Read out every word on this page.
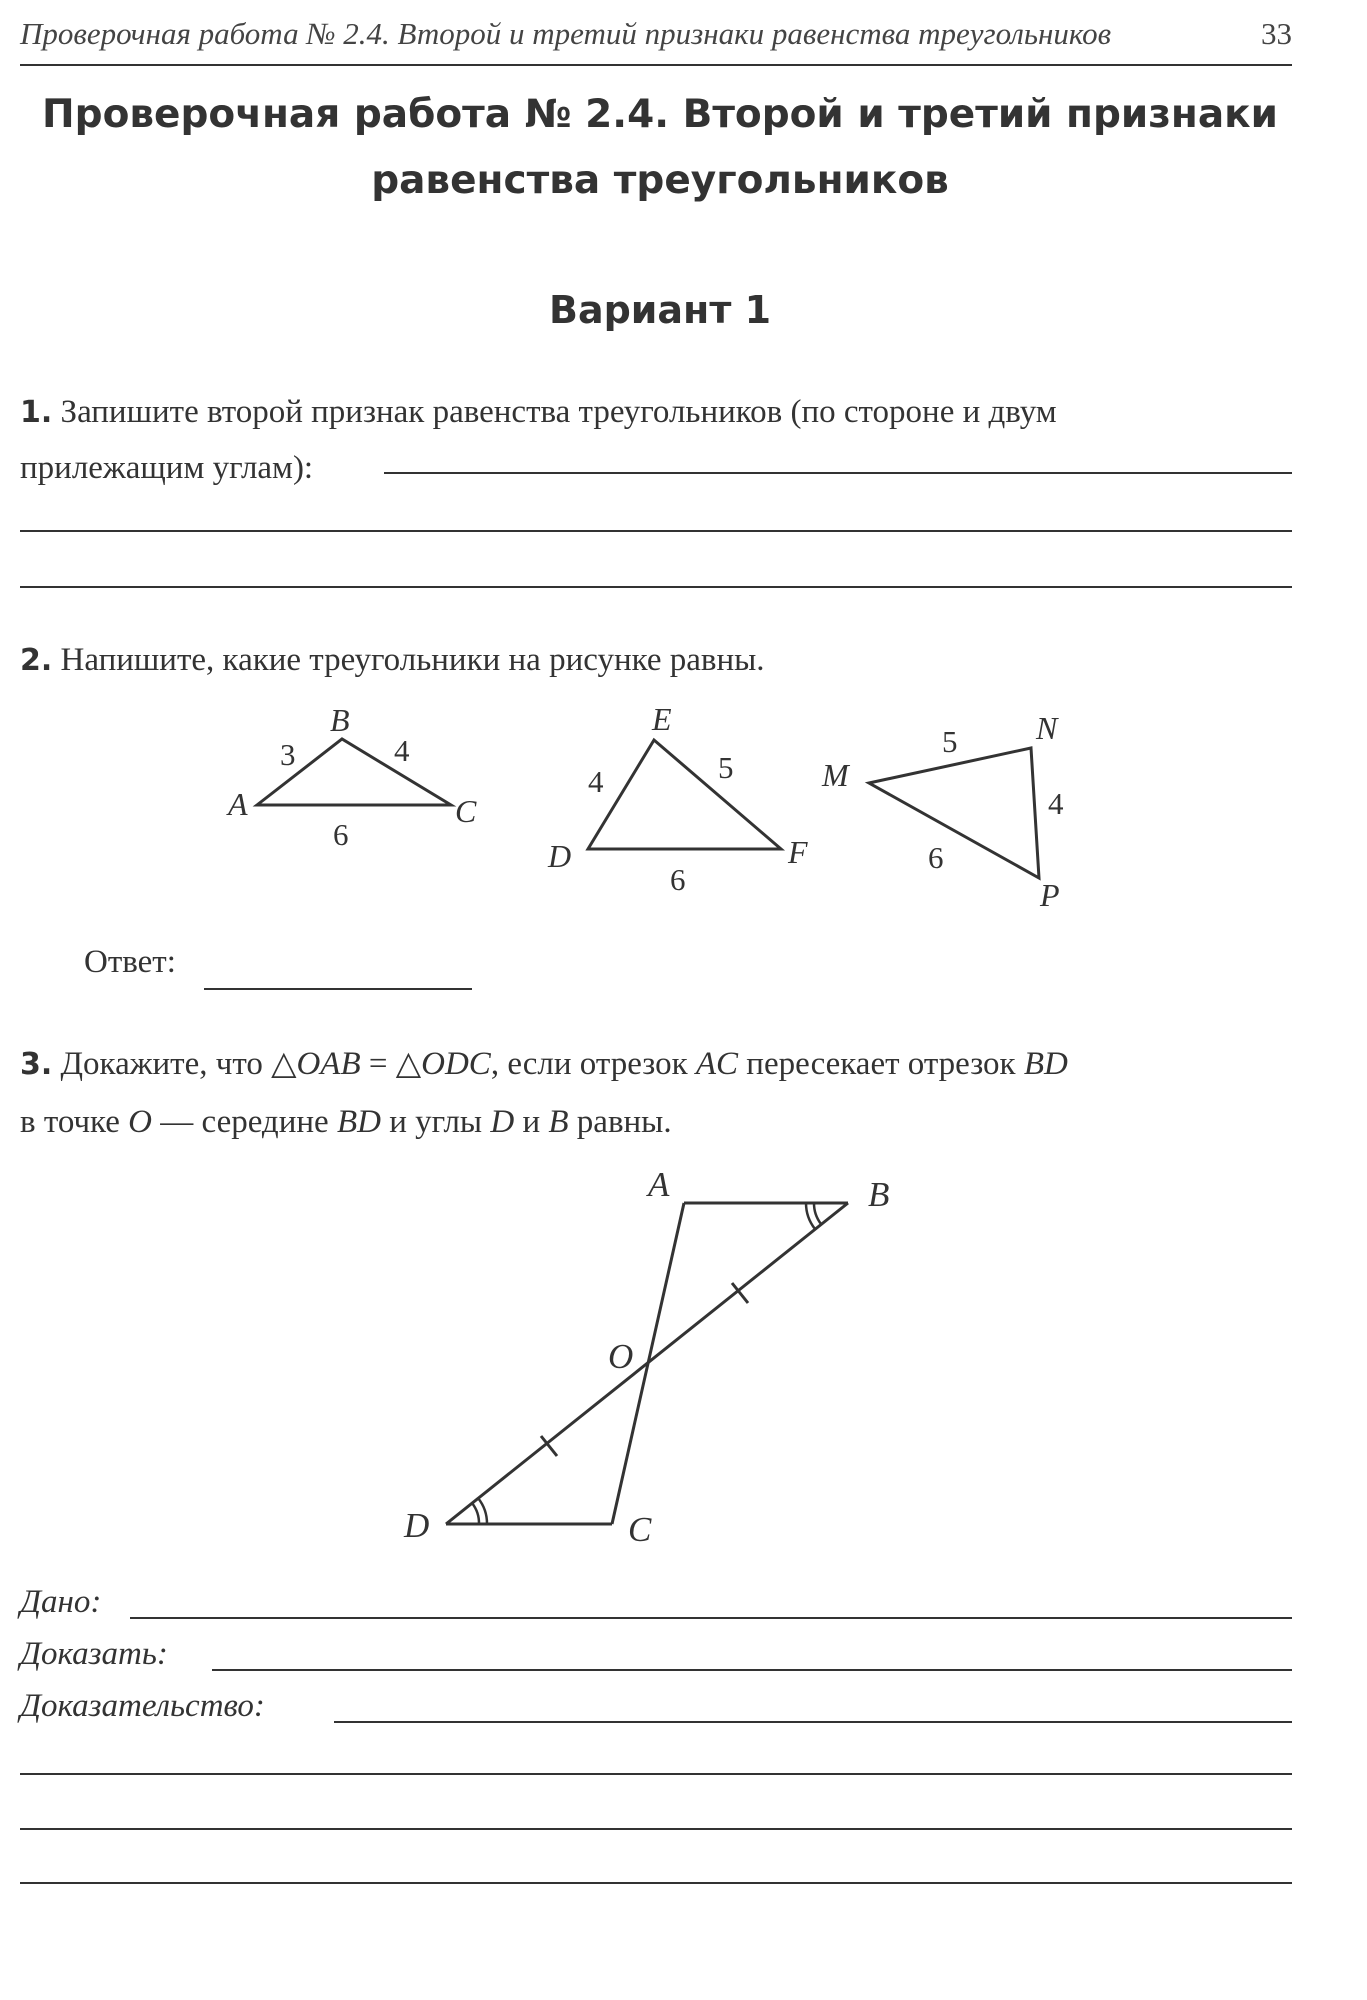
Проверочная работа № 2.4. Второй и третий признаки равенства треугольников	33
Проверочная работа № 2.4. Второй и третий признаки
равенства треугольников
Вариант 1
1. Запишите второй признак равенства треугольников (по стороне и двум
прилежащим углам):
2. Напишите, какие треугольники на рисунке равны.
A
B
C
3	4
6
D
E
F
4	5
6
M
N
P
5
4
6
Ответ:
3. Докажите, что △OAB = △ODC, если отрезок AC пересекает отрезок BD
в точке O — середине BD и углы D и B равны.
A	B
O
D	C
Дано:
Доказать:
Доказательство:
